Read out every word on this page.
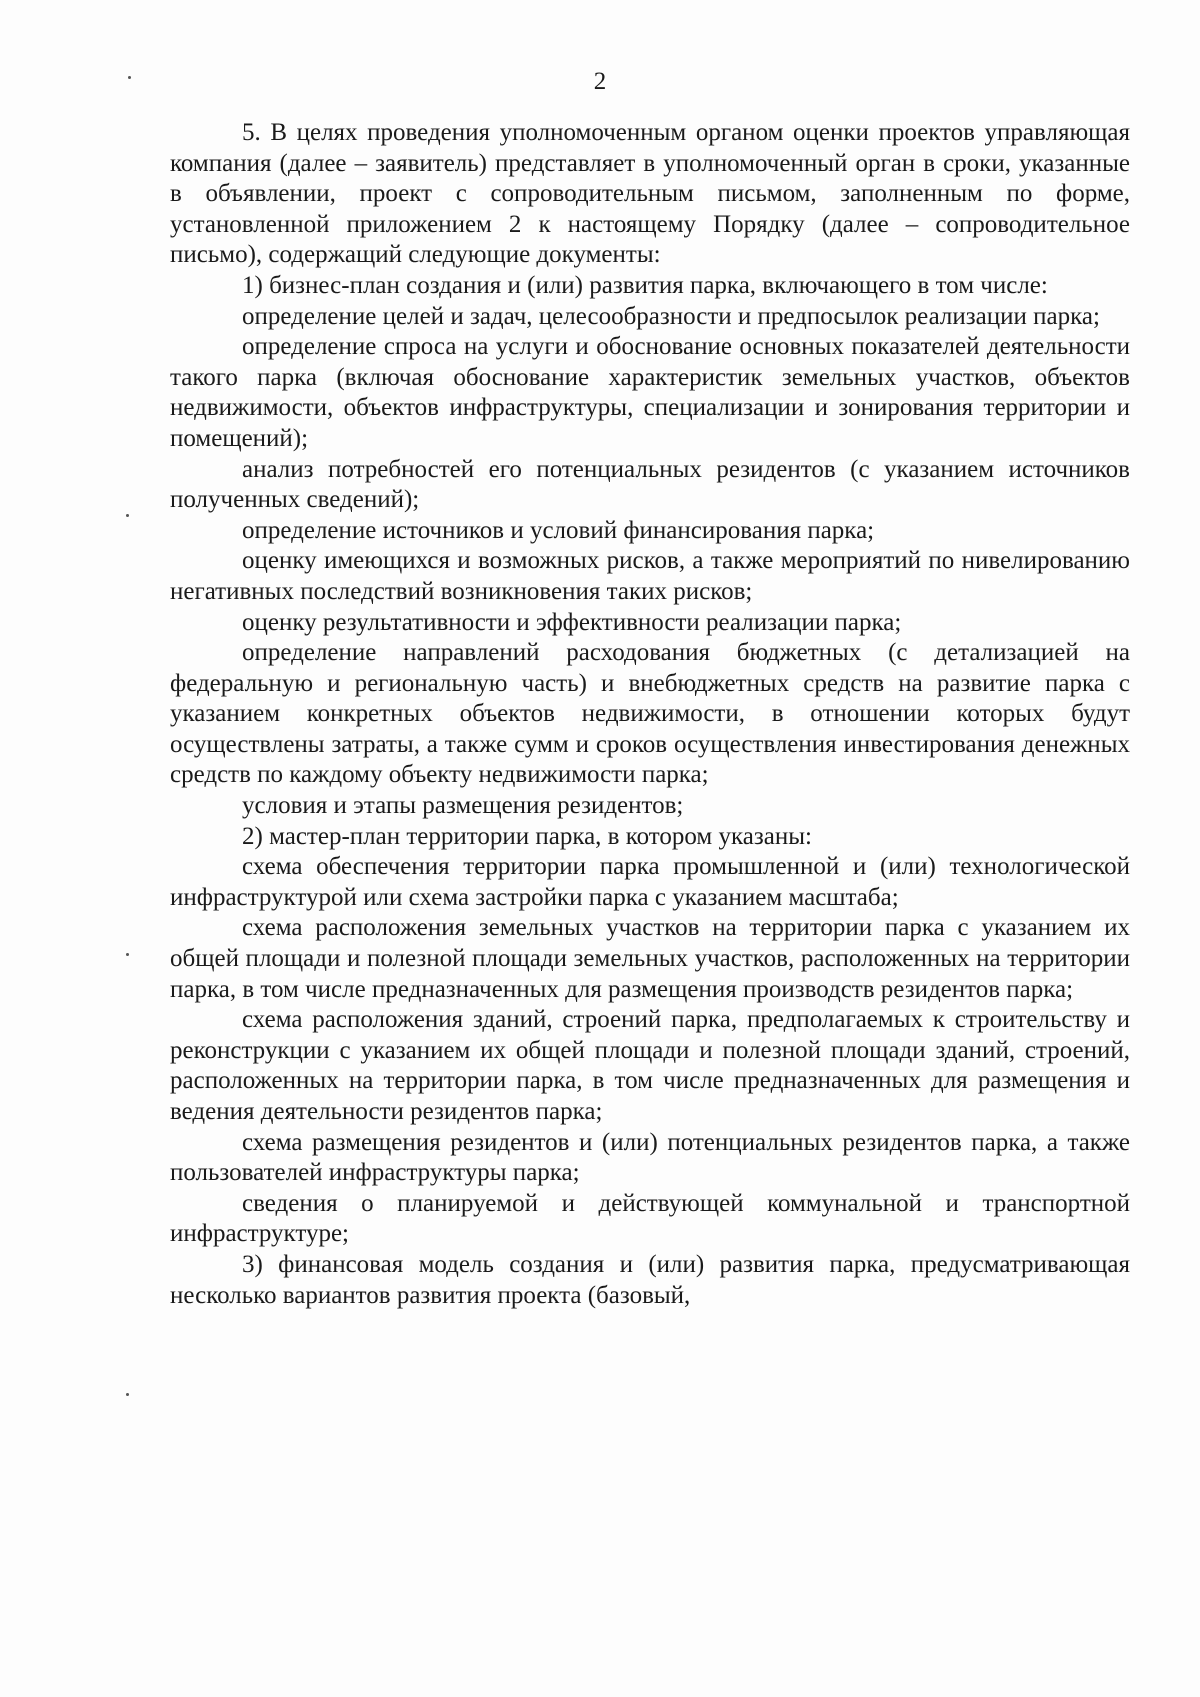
2

5. В целях проведения уполномоченным органом оценки проектов управляющая компания (далее – заявитель) представляет в уполномоченный орган в сроки, указанные в объявлении, проект с сопроводительным письмом, заполненным по форме, установленной приложением 2 к настоящему Порядку (далее – сопроводительное письмо), содержащий следующие документы:

1) бизнес-план создания и (или) развития парка, включающего в том числе:

определение целей и задач, целесообразности и предпосылок реализации парка;

определение спроса на услуги и обоснование основных показателей деятельности такого парка (включая обоснование характеристик земельных участков, объектов недвижимости, объектов инфраструктуры, специализации и зонирования территории и помещений);

анализ потребностей его потенциальных резидентов (с указанием источников полученных сведений);

определение источников и условий финансирования парка;

оценку имеющихся и возможных рисков, а также мероприятий по нивелированию негативных последствий возникновения таких рисков;

оценку результативности и эффективности реализации парка;

определение направлений расходования бюджетных (с детализацией на федеральную и региональную часть) и внебюджетных средств на развитие парка с указанием конкретных объектов недвижимости, в отношении которых будут осуществлены затраты, а также сумм и сроков осуществления инвестирования денежных средств по каждому объекту недвижимости парка;

условия и этапы размещения резидентов;

2) мастер-план территории парка, в котором указаны:

схема обеспечения территории парка промышленной и (или) технологической инфраструктурой или схема застройки парка с указанием масштаба;

схема расположения земельных участков на территории парка с указанием их общей площади и полезной площади земельных участков, расположенных на территории парка, в том числе предназначенных для размещения производств резидентов парка;

схема расположения зданий, строений парка, предполагаемых к строительству и реконструкции с указанием их общей площади и полезной площади зданий, строений, расположенных на территории парка, в том числе предназначенных для размещения и ведения деятельности резидентов парка;

схема размещения резидентов и (или) потенциальных резидентов парка, а также пользователей инфраструктуры парка;

сведения о планируемой и действующей коммунальной и транспортной инфраструктуре;

3) финансовая модель создания и (или) развития парка, предусматривающая несколько вариантов развития проекта (базовый,
